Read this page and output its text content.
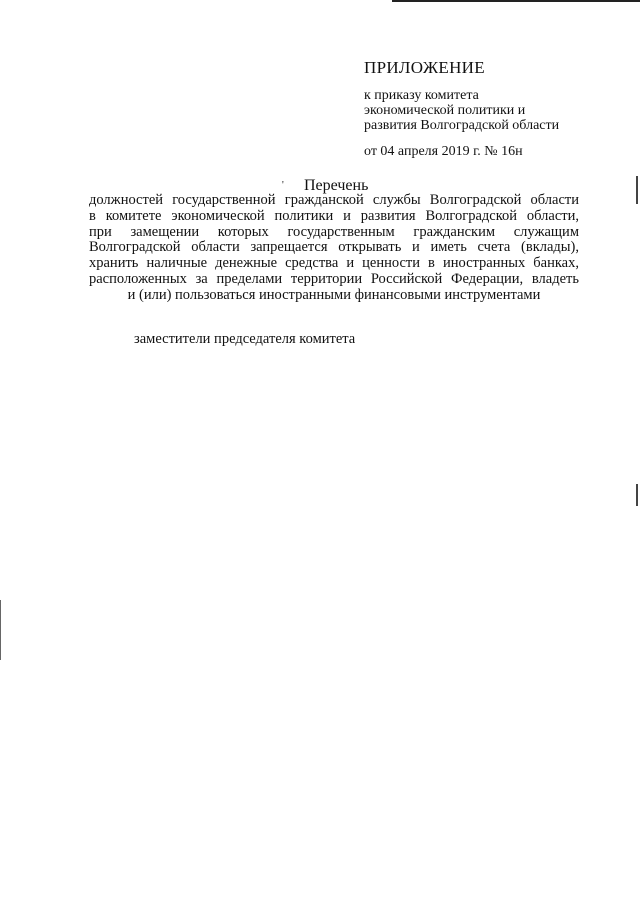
ПРИЛОЖЕНИЕ
к приказу комитета
экономической политики и
развития Волгоградской области
от 04 апреля 2019 г. № 16н
' Перечень
должностей государственной гражданской службы Волгоградской области
в комитете экономической политики и развития Волгоградской области,
при замещении которых государственным гражданским служащим
Волгоградской области запрещается открывать и иметь счета (вклады),
хранить наличные денежные средства и ценности в иностранных банках,
расположенных за пределами территории Российской Федерации, владеть
и (или) пользоваться иностранными финансовыми инструментами
заместители председателя комитета
